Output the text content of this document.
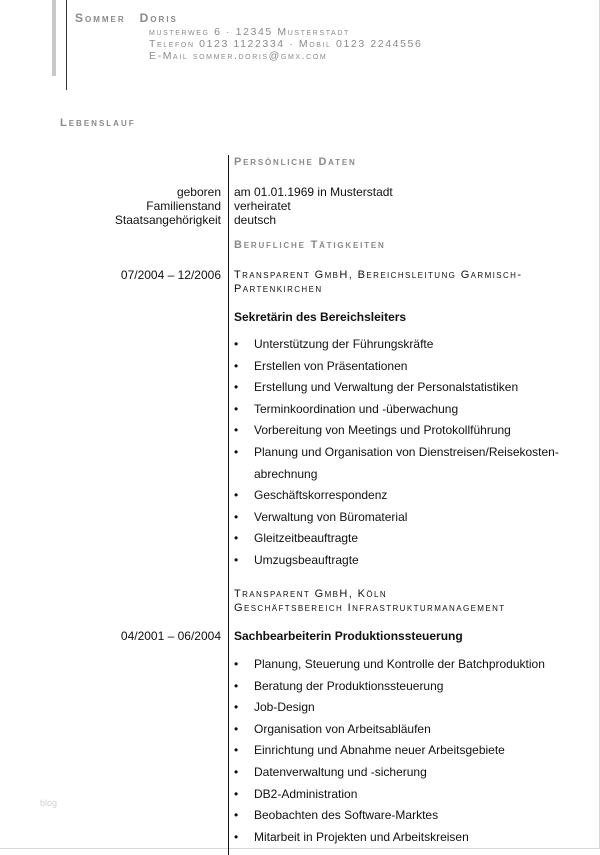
Sommer Doris
musterweg 6 · 12345 Musterstadt
Telefon 0123 1122334 · Mobil 0123 2244556
E-Mail sommer.doris@gmx.com
Lebenslauf
Persönliche Daten
geboren am 01.01.1969 in Musterstadt
Familienstand verheiratet
Staatsangehörigkeit deutsch
Berufliche Tätigkeiten
07/2004 – 12/2006 Transparent GmbH, Bereichsleitung Garmisch-
Partenkirchen
Sekretärin des Bereichsleiters
• Unterstützung der Führungskräfte
• Erstellen von Präsentationen
• Erstellung und Verwaltung der Personalstatistiken
• Terminkoordination und -überwachung
• Vorbereitung von Meetings und Protokollführung
• Planung und Organisation von Dienstreisen/Reisekosten-
abrechnung
• Geschäftskorrespondenz
• Verwaltung von Büromaterial
• Gleitzeitbeauftragte
• Umzugsbeauftragte
Transparent GmbH, Köln
Geschäftsbereich Infrastrukturmanagement
04/2001 – 06/2004 Sachbearbeiterin Produktionssteuerung
• Planung, Steuerung und Kontrolle der Batchproduktion
• Beratung der Produktionssteuerung
• Job-Design
• Organisation von Arbeitsabläufen
• Einrichtung und Abnahme neuer Arbeitsgebiete
• Datenverwaltung und -sicherung
• DB2-Administration
• Beobachten des Software-Marktes
• Mitarbeit in Projekten und Arbeitskreisen
blog
